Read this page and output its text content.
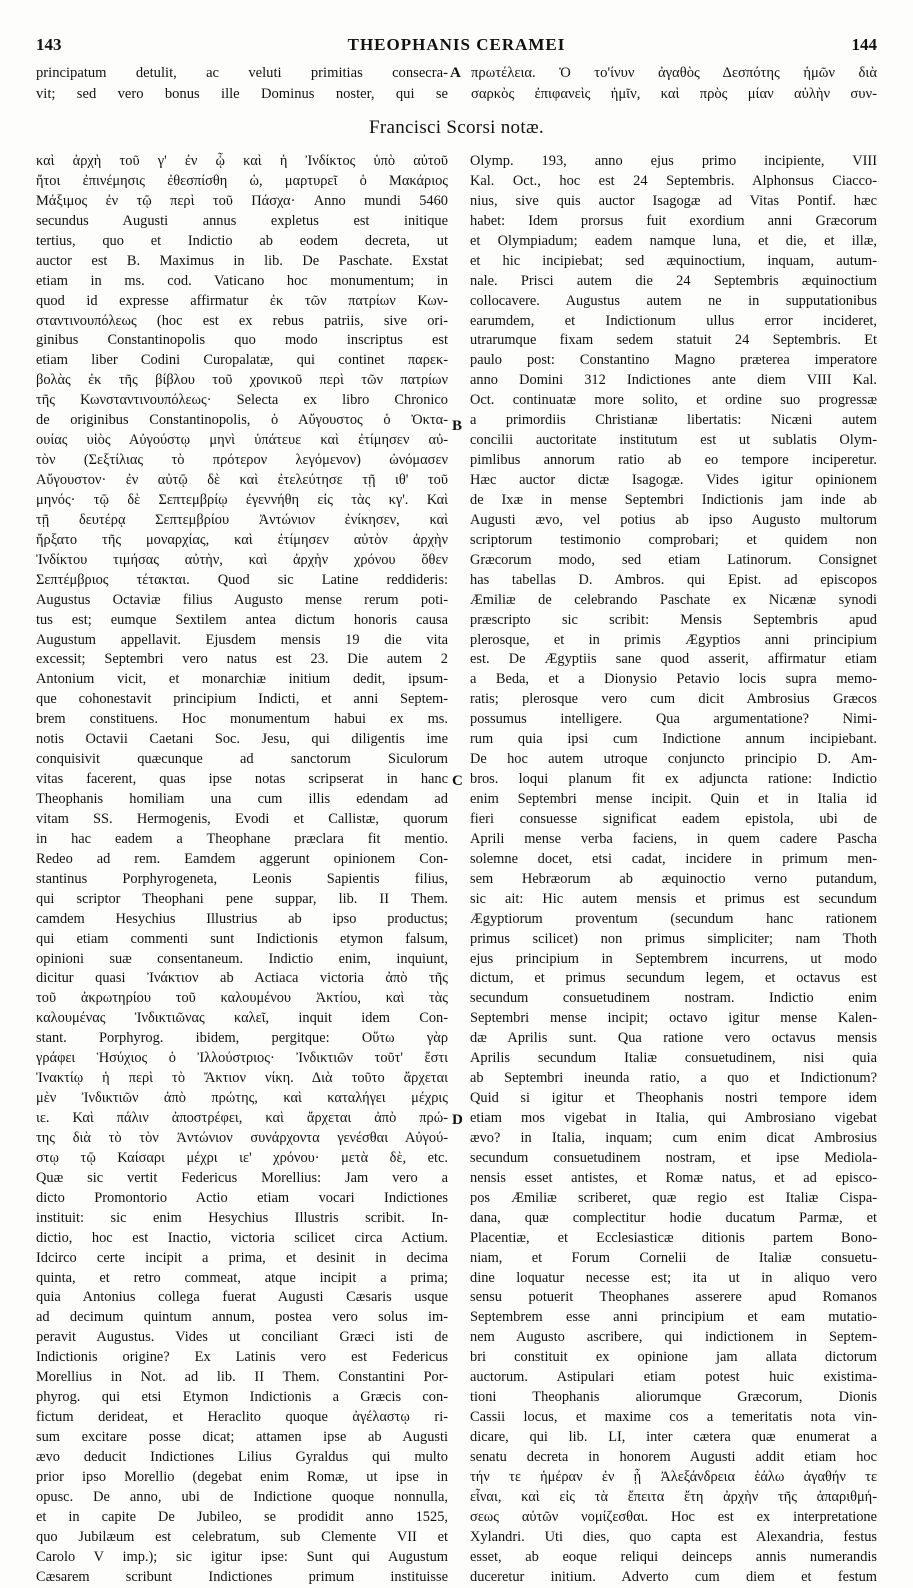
143	THEOPHANIS CERAMEI	144
principatum detulit, ac veluti primitias consecra-
vit; sed vero bonus ille Dominus noster, qui se
A πρωτέλεια. Ὁ το'ίνυν ἀγαθὸς Δεσπότης ἡμῶν διὰ
σαρκὸς ἐπιφανεὶς ἡμῖν, καὶ πρὸς μίαν αὐλὴν συν-
Francisci Scorsi notæ.
καὶ ἀρχὴ τοῦ γ' ἐν ᾧ καὶ ἡ Ἰνδίκτος ὑπὸ αὐτοῦ
ἤτοι ἐπινέμησις ἐθεσπίσθη ὡ, μαρτυρεῖ ὁ Μακάριος
Μάξιμος ἐν τῷ περὶ τοῦ Πάσχα· Anno mundi 5460
secundus Augusti annus expletus est initique
tertius, quo et Indictio ab eodem decreta, ut
auctor est B. Maximus in lib. De Paschate. Exstat
etiam in ms. cod. Vaticano hoc monumentum; in
quod id expresse affirmatur ἐκ τῶν πατρίων Κων-
σταντινουπόλεως (hoc est ex rebus patriis, sive ori-
ginibus Constantinopolis quo modo inscriptus est
etiam liber Codini Curopalatæ, qui continet παρεκ-
βολὰς ἐκ τῆς βίβλου τοῦ χρονικοῦ περὶ τῶν πατρίων
τῆς Κωνσταντινουπόλεως· Selecta ex libro Chronico
de originibus Constantinopolis, ὁ Αὔγουστος ὁ Ὀκτα-
ουίας υἱὸς Αὐγούστῳ μηνὶ ὑπάτευε καὶ ἐτίμησεν αὐ-
τὸν (Σεξτίλιας τὸ πρότερον λεγόμενον) ὠνόμασεν
Αὔγουστον· ἐν αὐτῷ δὲ καὶ ἐτελεύτησε τῇ ιθ' τοῦ
μηνός· τῷ δὲ Σεπτεμβρίῳ ἐγεννήθη εἰς τὰς κγ'. Καὶ
τῇ δευτέρᾳ Σεπτεμβρίου Ἀντώνιον ἐνίκησεν, καὶ
ἤρξατο τῆς μοναρχίας, καὶ ἐτίμησεν αὐτὸν ἀρχὴν
Ἰνδίκτου τιμήσας αὐτὴν, καὶ ἀρχὴν χρόνου ὅθεν
Σεπτέμβριος τέτακται. Quod sic Latine reddideris:
Augustus Octaviæ filius Augusto mense rerum poti-
tus est; eumque Sextilem antea dictum honoris causa
Augustum appellavit. Ejusdem mensis 19 die vita
excessit; Septembri vero natus est 23. Die autem 2
Antonium vicit, et monarchiæ initium dedit, ipsum-
que cohonestavit principium Indicti, et anni Septem-
brem constituens. Hoc monumentum habui ex ms.
notis Octavii Caetani Soc. Jesu, qui diligentis ime
conquisivit quæcunque ad sanctorum Siculorum
vitas facerent, quas ipse notas scripserat in hanc
Theophanis homiliam una cum illis edendam ad
vitam SS. Hermogenis, Evodi et Callistæ, quorum
in hac eadem a Theophane præclara fit mentio.
Redeo ad rem. Eamdem aggerunt opinionem Con-
stantinus Porphyrogeneta, Leonis Sapientis filius,
qui scriptor Theophani pene suppar, lib. II Them.
camdem Hesychius Illustrius ab ipso productus;
qui etiam commenti sunt Indictionis etymon falsum,
opinioni suæ consentaneum. Indictio enim, inquiunt,
dicitur quasi Ἰνάκτιον ab Actiaca victoria ἀπὸ τῆς
τοῦ ἀκρωτηρίου τοῦ καλουμένου Ἀκτίου, καὶ τὰς
καλουμένας Ἰνδικτιῶνας καλεῖ, inquit idem Con-
stant. Porphyrog. ibidem, pergitque: Οὕτω γὰρ
γράφει Ἡσύχιος ὁ Ἰλλούστριος· Ἰνδικτιῶν τοῦτ' ἔστι
Ἰνακτίῳ ἡ περὶ τὸ Ἄκτιον νίκη. Διὰ τοῦτο ἄρχεται
μὲν Ἰνδικτιῶν ἀπὸ πρώτης, καὶ καταλήγει μέχρις
ιε. Καὶ πάλιν ἀποστρέφει, καὶ ἄρχεται ἀπὸ πρώ-
της διὰ τὸ τὸν Ἀντώνιον συνάρχοντα γενέσθαι Αὐγού-
στῳ τῷ Καίσαρι μέχρι ιε' χρόνου· μετὰ δὲ, etc.
Quæ sic vertit Federicus Morellius: Jam vero a
dicto Promontorio Actio etiam vocari Indictiones
instituit: sic enim Hesychius Illustris scribit. In-
dictio, hoc est Inactio, victoria scilicet circa Actium.
Idcirco certe incipit a prima, et desinit in decima
quinta, et retro commeat, atque incipit a prima;
quia Antonius collega fuerat Augusti Cæsaris usque
ad decimum quintum annum, postea vero solus im-
peravit Augustus. Vides ut conciliant Græci isti de
Indictionis origine? Ex Latinis vero est Federicus
Morellius in Not. ad lib. II Them. Constantini Por-
phyrog. qui etsi Etymon Indictionis a Græcis con-
fictum derideat, et Heraclito quoque ἀγέλαστῳ ri-
sum excitare posse dicat; attamen ipse ab Augusti
ævo deducit Indictiones Lilius Gyraldus qui multo
prior ipso Morellio (degebat enim Romæ, ut ipse in
opusc. De anno, ubi de Indictione quoque nonnulla,
et in capite De Jubileo, se prodidit anno 1525,
quo Jubilæum est celebratum, sub Clemente VII et
Carolo V imp.); sic igitur ipse: Sunt qui Augustum
Cæsarem scribunt Indictiones primum instituisse
Olymp. 193, anno ejus primo incipiente, VIII
Kal. Oct., hoc est 24 Septembris. Alphonsus Ciacco-
nius, sive quis auctor Isagogæ ad Vitas Pontif. hæc
habet: Idem prorsus fuit exordium anni Græcorum
et Olympiadum; eadem namque luna, et die, et illæ,
et hic incipiebat; sed æquinoctium, inquam, autum-
nale. Prisci autem die 24 Septembris æquinoctium
collocavere. Augustus autem ne in supputationibus
earumdem, et Indictionum ullus error incideret,
utrarumque fixam sedem statuit 24 Septembris. Et
paulo post: Constantino Magno præterea imperatore
anno Domini 312 Indictiones ante diem VIII Kal.
Oct. continuatæ more solito, et ordine suo progressæ
a primordiis Christianæ libertatis: Nicæni autem
concilii auctoritate institutum est ut sublatis Olym-
pimlibus annorum ratio ab eo tempore inciperetur.
Hæc auctor dictæ Isagogæ. Vides igitur opinionem
de Ixæ in mense Septembri Indictionis jam inde ab
Augusti ævo, vel potius ab ipso Augusto multorum
scriptorum testimonio comprobari; et quidem non
Græcorum modo, sed etiam Latinorum. Consignet
has tabellas D. Ambros. qui Epist. ad episcopos
Æmiliæ de celebrando Paschate ex Nicænæ synodi
præscripto sic scribit: Mensis Septembris apud
plerosque, et in primis Ægyptios anni principium
est. De Ægyptiis sane quod asserit, affirmatur etiam
a Beda, et a Dionysio Petavio locis supra memo-
ratis; plerosque vero cum dicit Ambrosius Græcos
possumus intelligere. Qua argumentatione? Nimi-
rum quia ipsi cum Indictione annum incipiebant.
De hoc autem utroque conjuncto principio D. Am-
bros. loqui planum fit ex adjuncta ratione: Indictio
enim Septembri mense incipit. Quin et in Italia id
fieri consuesse significat eadem epistola, ubi de
Aprili mense verba faciens, in quem cadere Pascha
solemne docet, etsi cadat, incidere in primum men-
sem Hebræorum ab æquinoctio verno putandum,
sic ait: Hic autem mensis et primus est secundum
Ægyptiorum proventum (secundum hanc rationem
primus scilicet) non primus simpliciter; nam Thoth
ejus principium in Septembrem incurrens, ut modo
dictum, et primus secundum legem, et octavus est
secundum consuetudinem nostram. Indictio enim
Septembri mense incipit; octavo igitur mense Kalen-
dæ Aprilis sunt. Qua ratione vero octavus mensis
Aprilis secundum Italiæ consuetudinem, nisi quia
ab Septembri ineunda ratio, a quo et Indictionum?
Quid si igitur et Theophanis nostri tempore idem
etiam mos vigebat in Italia, qui Ambrosiano vigebat
ævo? in Italia, inquam; cum enim dicat Ambrosius
secundum consuetudinem nostram, et ipse Mediola-
nensis esset antistes, et Romæ natus, et ad episco-
pos Æmiliæ scriberet, quæ regio est Italiæ Cispa-
dana, quæ complectitur hodie ducatum Parmæ, et
Placentiæ, et Ecclesiasticæ ditionis partem Bono-
niam, et Forum Cornelii de Italiæ consuetu-
dine loquatur necesse est; ita ut in aliquo vero
sensu potuerit Theophanes asserere apud Romanos
Septembrem esse anni principium et eam mutatio-
nem Augusto ascribere, qui indictionem in Septem-
bri constituit ex opinione jam allata dictorum
auctorum. Astipulari etiam potest huic existima-
tioni Theophanis aliorumque Græcorum, Dionis
Cassii locus, et maxime cos a temeritatis nota vin-
dicare, qui lib. LI, inter cætera quæ enumerat a
senatu decreta in honorem Augusti addit etiam hoc
τήν τε ἡμέραν ἐν ᾗ Ἀλεξάνδρεια ἑάλω ἀγαθήν τε
εἶναι, καὶ εἰς τὰ ἔπειτα ἔτη ἀρχὴν τῆς ἀπαριθμή-
σεως αὐτῶν νομίζεσθαι. Hoc est ex interpretatione
Xylandri. Uti dies, quo capta est Alexandria, festus
esset, ab eoque reliqui deinceps annis numerandis
duceretur initium. Adverto cum diem et festum
B
C
D
